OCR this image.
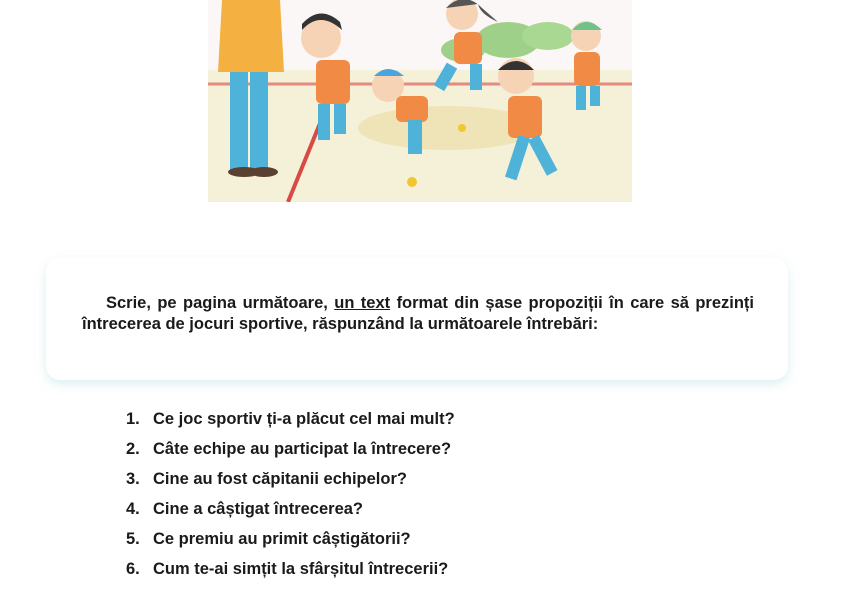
Scrie, pe pagina următoare, un text format din șase propoziții în care să prezinți întrecerea de jocuri sportive, răspunzând la următoarele întrebări:
1. Ce joc sportiv ți-a plăcut cel mai mult?
2. Câte echipe au participat la întrecere?
3. Cine au fost căpitanii echipelor?
4. Cine a câștigat întrecerea?
5. Ce premiu au primit câștigătorii?
6. Cum te-ai simțit la sfârșitul întrecerii?
